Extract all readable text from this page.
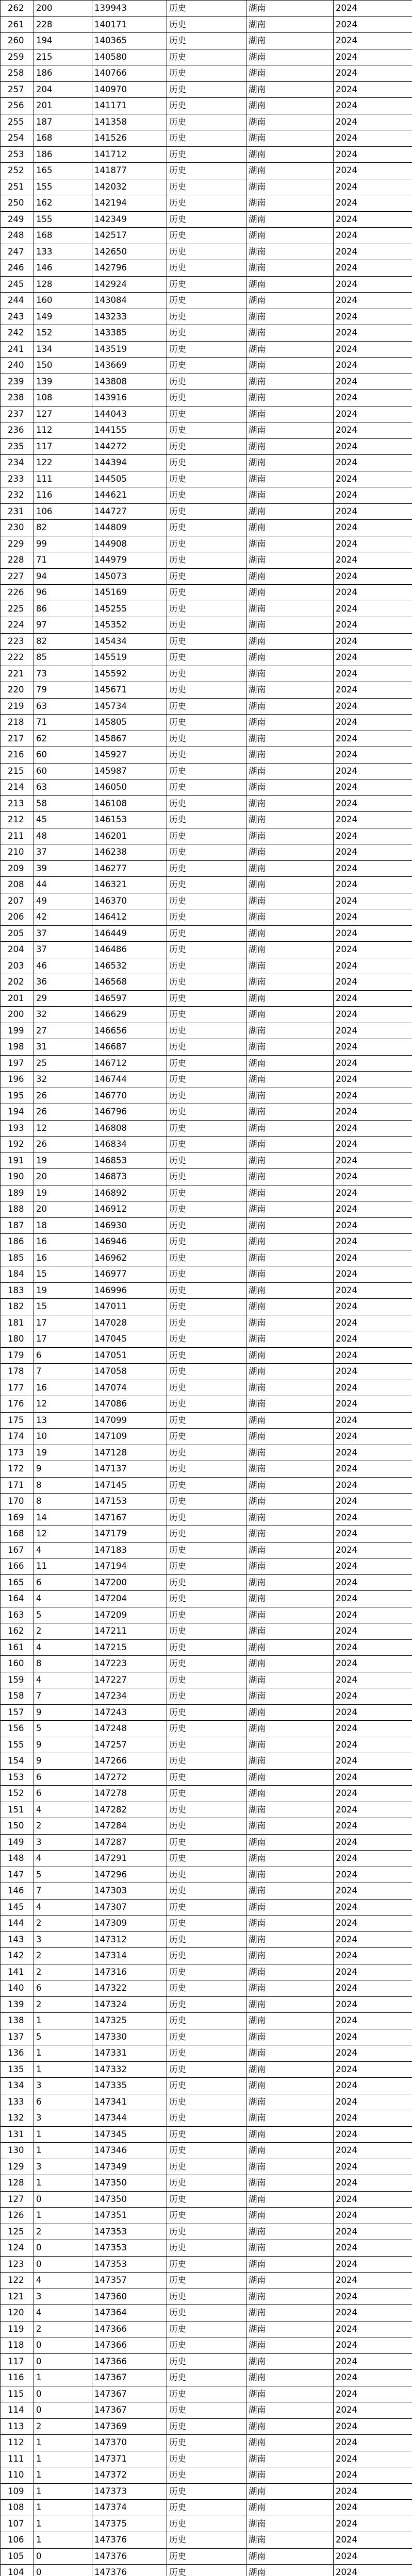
262	200	139943	历史	湖南	2024
261	228	140171	历史	湖南	2024
260	194	140365	历史	湖南	2024
259	215	140580	历史	湖南	2024
258	186	140766	历史	湖南	2024
257	204	140970	历史	湖南	2024
256	201	141171	历史	湖南	2024
255	187	141358	历史	湖南	2024
254	168	141526	历史	湖南	2024
253	186	141712	历史	湖南	2024
252	165	141877	历史	湖南	2024
251	155	142032	历史	湖南	2024
250	162	142194	历史	湖南	2024
249	155	142349	历史	湖南	2024
248	168	142517	历史	湖南	2024
247	133	142650	历史	湖南	2024
246	146	142796	历史	湖南	2024
245	128	142924	历史	湖南	2024
244	160	143084	历史	湖南	2024
243	149	143233	历史	湖南	2024
242	152	143385	历史	湖南	2024
241	134	143519	历史	湖南	2024
240	150	143669	历史	湖南	2024
239	139	143808	历史	湖南	2024
238	108	143916	历史	湖南	2024
237	127	144043	历史	湖南	2024
236	112	144155	历史	湖南	2024
235	117	144272	历史	湖南	2024
234	122	144394	历史	湖南	2024
233	111	144505	历史	湖南	2024
232	116	144621	历史	湖南	2024
231	106	144727	历史	湖南	2024
230	82	144809	历史	湖南	2024
229	99	144908	历史	湖南	2024
228	71	144979	历史	湖南	2024
227	94	145073	历史	湖南	2024
226	96	145169	历史	湖南	2024
225	86	145255	历史	湖南	2024
224	97	145352	历史	湖南	2024
223	82	145434	历史	湖南	2024
222	85	145519	历史	湖南	2024
221	73	145592	历史	湖南	2024
220	79	145671	历史	湖南	2024
219	63	145734	历史	湖南	2024
218	71	145805	历史	湖南	2024
217	62	145867	历史	湖南	2024
216	60	145927	历史	湖南	2024
215	60	145987	历史	湖南	2024
214	63	146050	历史	湖南	2024
213	58	146108	历史	湖南	2024
212	45	146153	历史	湖南	2024
211	48	146201	历史	湖南	2024
210	37	146238	历史	湖南	2024
209	39	146277	历史	湖南	2024
208	44	146321	历史	湖南	2024
207	49	146370	历史	湖南	2024
206	42	146412	历史	湖南	2024
205	37	146449	历史	湖南	2024
204	37	146486	历史	湖南	2024
203	46	146532	历史	湖南	2024
202	36	146568	历史	湖南	2024
201	29	146597	历史	湖南	2024
200	32	146629	历史	湖南	2024
199	27	146656	历史	湖南	2024
198	31	146687	历史	湖南	2024
197	25	146712	历史	湖南	2024
196	32	146744	历史	湖南	2024
195	26	146770	历史	湖南	2024
194	26	146796	历史	湖南	2024
193	12	146808	历史	湖南	2024
192	26	146834	历史	湖南	2024
191	19	146853	历史	湖南	2024
190	20	146873	历史	湖南	2024
189	19	146892	历史	湖南	2024
188	20	146912	历史	湖南	2024
187	18	146930	历史	湖南	2024
186	16	146946	历史	湖南	2024
185	16	146962	历史	湖南	2024
184	15	146977	历史	湖南	2024
183	19	146996	历史	湖南	2024
182	15	147011	历史	湖南	2024
181	17	147028	历史	湖南	2024
180	17	147045	历史	湖南	2024
179	6	147051	历史	湖南	2024
178	7	147058	历史	湖南	2024
177	16	147074	历史	湖南	2024
176	12	147086	历史	湖南	2024
175	13	147099	历史	湖南	2024
174	10	147109	历史	湖南	2024
173	19	147128	历史	湖南	2024
172	9	147137	历史	湖南	2024
171	8	147145	历史	湖南	2024
170	8	147153	历史	湖南	2024
169	14	147167	历史	湖南	2024
168	12	147179	历史	湖南	2024
167	4	147183	历史	湖南	2024
166	11	147194	历史	湖南	2024
165	6	147200	历史	湖南	2024
164	4	147204	历史	湖南	2024
163	5	147209	历史	湖南	2024
162	2	147211	历史	湖南	2024
161	4	147215	历史	湖南	2024
160	8	147223	历史	湖南	2024
159	4	147227	历史	湖南	2024
158	7	147234	历史	湖南	2024
157	9	147243	历史	湖南	2024
156	5	147248	历史	湖南	2024
155	9	147257	历史	湖南	2024
154	9	147266	历史	湖南	2024
153	6	147272	历史	湖南	2024
152	6	147278	历史	湖南	2024
151	4	147282	历史	湖南	2024
150	2	147284	历史	湖南	2024
149	3	147287	历史	湖南	2024
148	4	147291	历史	湖南	2024
147	5	147296	历史	湖南	2024
146	7	147303	历史	湖南	2024
145	4	147307	历史	湖南	2024
144	2	147309	历史	湖南	2024
143	3	147312	历史	湖南	2024
142	2	147314	历史	湖南	2024
141	2	147316	历史	湖南	2024
140	6	147322	历史	湖南	2024
139	2	147324	历史	湖南	2024
138	1	147325	历史	湖南	2024
137	5	147330	历史	湖南	2024
136	1	147331	历史	湖南	2024
135	1	147332	历史	湖南	2024
134	3	147335	历史	湖南	2024
133	6	147341	历史	湖南	2024
132	3	147344	历史	湖南	2024
131	1	147345	历史	湖南	2024
130	1	147346	历史	湖南	2024
129	3	147349	历史	湖南	2024
128	1	147350	历史	湖南	2024
127	0	147350	历史	湖南	2024
126	1	147351	历史	湖南	2024
125	2	147353	历史	湖南	2024
124	0	147353	历史	湖南	2024
123	0	147353	历史	湖南	2024
122	4	147357	历史	湖南	2024
121	3	147360	历史	湖南	2024
120	4	147364	历史	湖南	2024
119	2	147366	历史	湖南	2024
118	0	147366	历史	湖南	2024
117	0	147366	历史	湖南	2024
116	1	147367	历史	湖南	2024
115	0	147367	历史	湖南	2024
114	0	147367	历史	湖南	2024
113	2	147369	历史	湖南	2024
112	1	147370	历史	湖南	2024
111	1	147371	历史	湖南	2024
110	1	147372	历史	湖南	2024
109	1	147373	历史	湖南	2024
108	1	147374	历史	湖南	2024
107	1	147375	历史	湖南	2024
106	1	147376	历史	湖南	2024
105	0	147376	历史	湖南	2024
104	0	147376	历史	湖南	2024
